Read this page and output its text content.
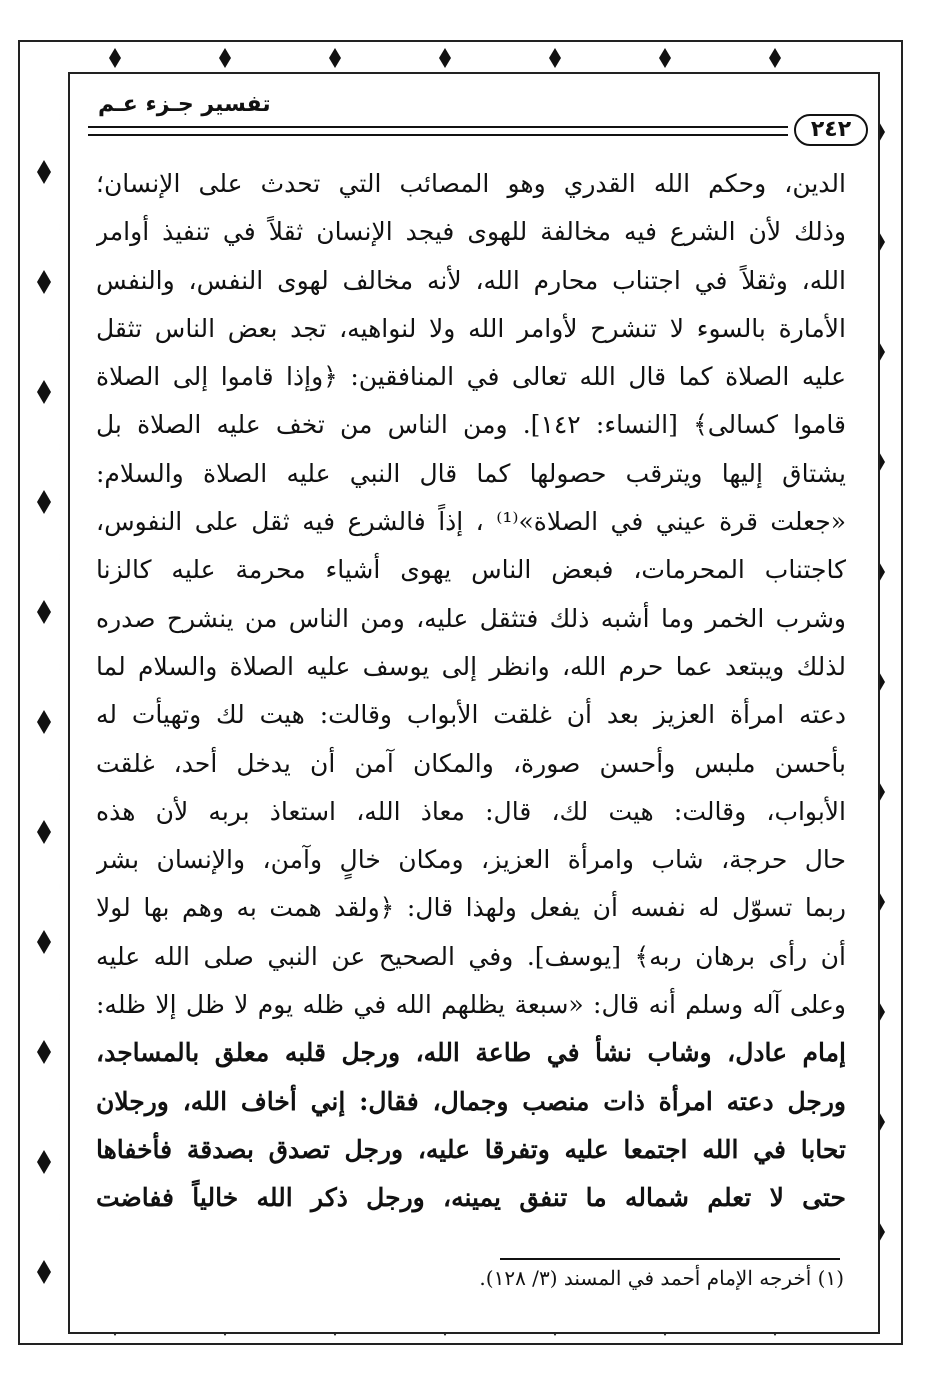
تفسير جـزء عـم
٢٤٢
الدين، وحكم الله القدري وهو المصائب التي تحدث على الإنسان؛
وذلك لأن الشرع فيه مخالفة للهوى فيجد الإنسان ثقلاً في تنفيذ أوامر
الله، وثقلاً في اجتناب محارم الله، لأنه مخالف لهوى النفس، والنفس
الأمارة بالسوء لا تنشرح لأوامر الله ولا لنواهيه، تجد بعض الناس تثقل
عليه الصلاة كما قال الله تعالى في المنافقين: ﴿وإذا قاموا إلى الصلاة
قاموا كسالى﴾ [النساء: ١٤٢]. ومن الناس من تخف عليه الصلاة بل
يشتاق إليها ويترقب حصولها كما قال النبي عليه الصلاة والسلام:
«جعلت قرة عيني في الصلاة»⁽¹⁾ ، إذاً فالشرع فيه ثقل على النفوس،
كاجتناب المحرمات، فبعض الناس يهوى أشياء محرمة عليه كالزنا
وشرب الخمر وما أشبه ذلك فتثقل عليه، ومن الناس من ينشرح صدره
لذلك ويبتعد عما حرم الله، وانظر إلى يوسف عليه الصلاة والسلام لما
دعته امرأة العزيز بعد أن غلقت الأبواب وقالت: هيت لك وتهيأت له
بأحسن ملبس وأحسن صورة، والمكان آمن أن يدخل أحد، غلقت
الأبواب، وقالت: هيت لك، قال: معاذ الله، استعاذ بربه لأن هذه
حال حرجة، شاب وامرأة العزيز، ومكان خالٍ وآمن، والإنسان بشر
ربما تسوّل له نفسه أن يفعل ولهذا قال: ﴿ولقد همت به وهم بها لولا
أن رأى برهان ربه﴾ [يوسف]. وفي الصحيح عن النبي صلى الله عليه
وعلى آله وسلم أنه قال: «سبعة يظلهم الله في ظله يوم لا ظل إلا ظله:
إمام عادل، وشاب نشأ في طاعة الله، ورجل قلبه معلق بالمساجد،
ورجل دعته امرأة ذات منصب وجمال، فقال: إني أخاف الله، ورجلان
تحابا في الله اجتمعا عليه وتفرقا عليه، ورجل تصدق بصدقة فأخفاها
حتى لا تعلم شماله ما تنفق يمينه، ورجل ذكر الله خالياً ففاضت
(١) أخرجه الإمام أحمد في المسند (٣/ ١٢٨).
